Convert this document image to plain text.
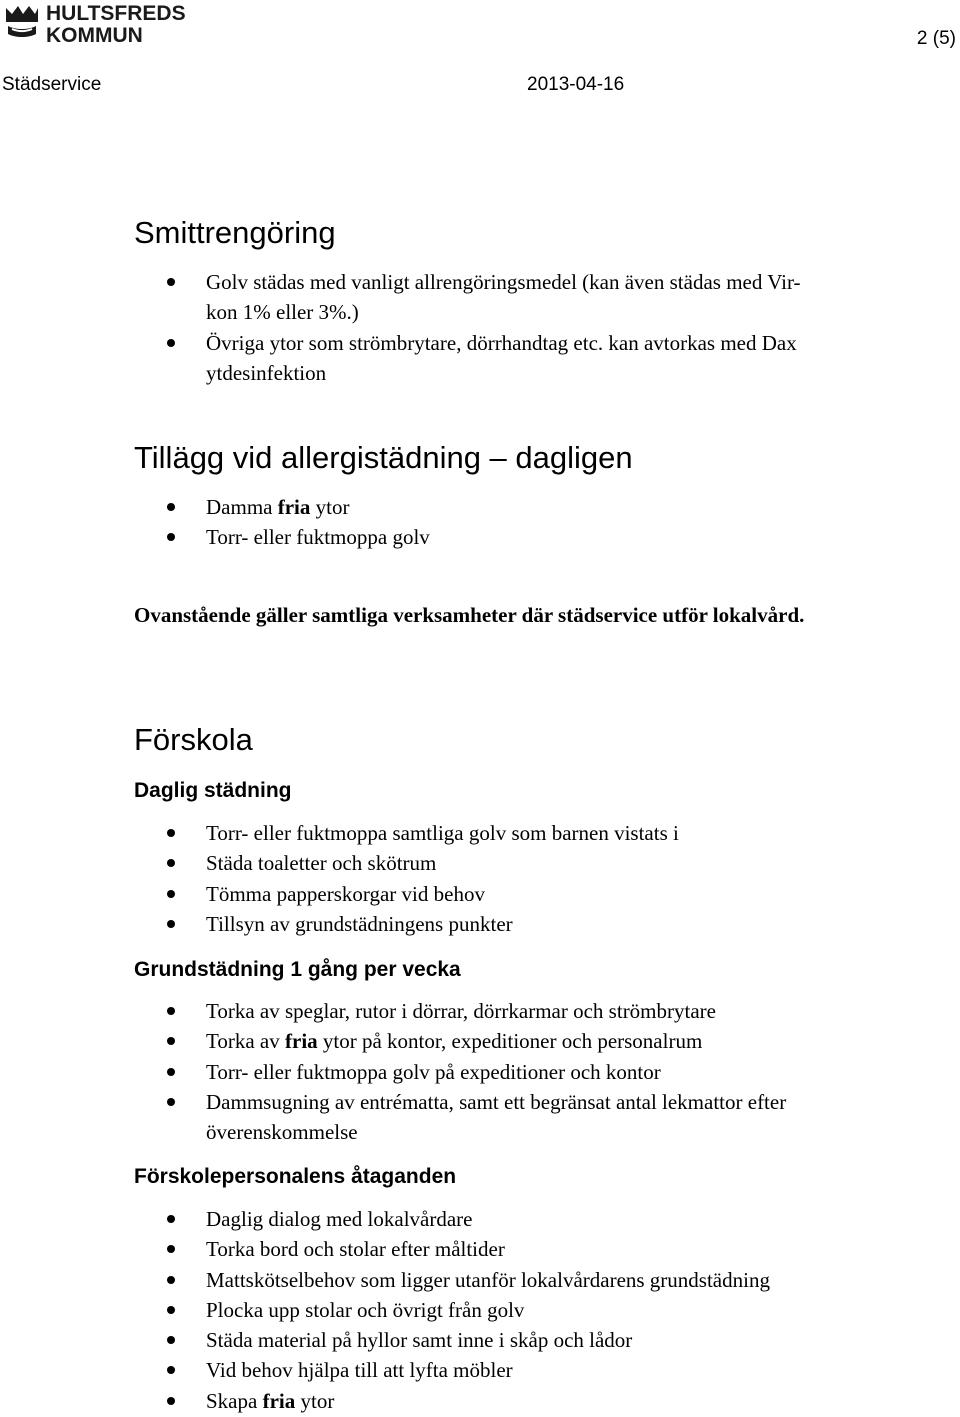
HULTSFREDS
KOMMUN	2 (5)
Städservice	2013-04-16
Smittrengöring
Golv städas med vanligt allrengöringsmedel (kan även städas med Vir-
kon 1% eller 3%.)
Övriga ytor som strömbrytare, dörrhandtag etc. kan avtorkas med Dax
ytdesinfektion
Tillägg vid allergistädning – dagligen
Damma fria ytor
Torr- eller fuktmoppa golv
Ovanstående gäller samtliga verksamheter där städservice utför lokalvård.
Förskola
Daglig städning
Torr- eller fuktmoppa samtliga golv som barnen vistats i
Städa toaletter och skötrum
Tömma papperskorgar vid behov
Tillsyn av grundstädningens punkter
Grundstädning 1 gång per vecka
Torka av speglar, rutor i dörrar, dörrkarmar och strömbrytare
Torka av fria ytor på kontor, expeditioner och personalrum
Torr- eller fuktmoppa golv på expeditioner och kontor
Dammsugning av entrématta, samt ett begränsat antal lekmattor efter
överenskommelse
Förskolepersonalens åtaganden
Daglig dialog med lokalvårdare
Torka bord och stolar efter måltider
Mattskötselbehov som ligger utanför lokalvårdarens grundstädning
Plocka upp stolar och övrigt från golv
Städa material på hyllor samt inne i skåp och lådor
Vid behov hjälpa till att lyfta möbler
Skapa fria ytor
